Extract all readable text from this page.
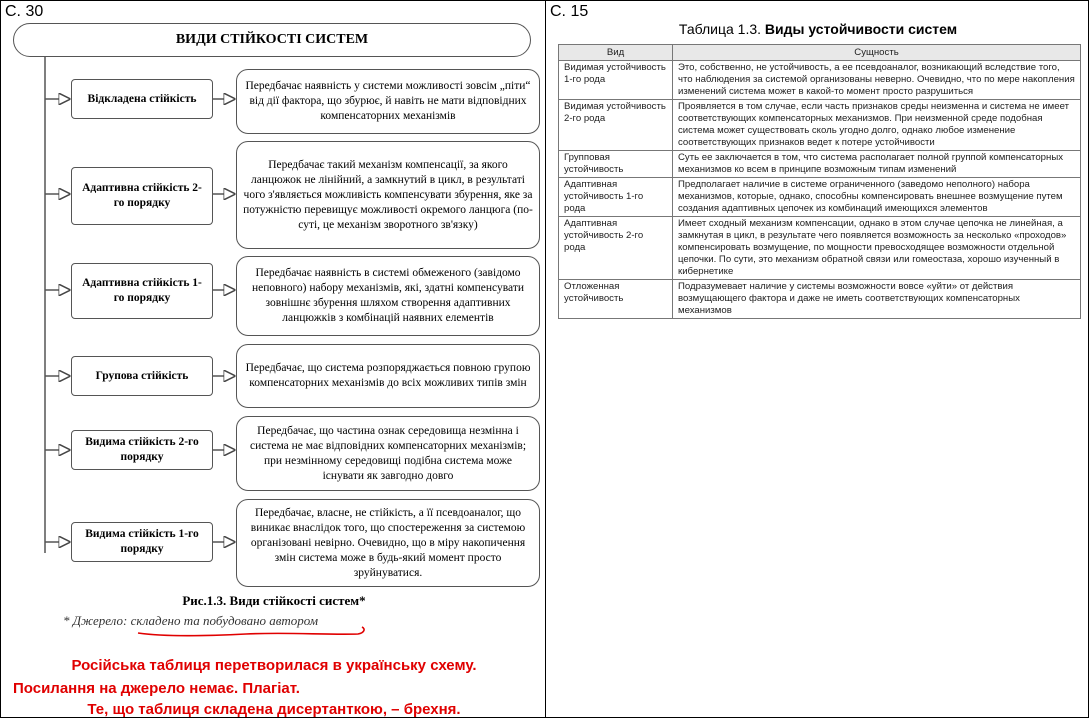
С. 30
ВИДИ СТІЙКОСТІ СИСТЕМ
Відкладена стійкість
Передбачає наявність у системи можливості зовсім „піти“ від дії фактора, що збурює, й навіть не мати відповідних компенсаторних механізмів
Адаптивна стійкість 2-го порядку
Передбачає такий механізм компенсації, за якого ланцюжок не лінійний, а замкнутий в цикл, в результаті чого з'являється можливість компенсувати збурення, яке за потужністю перевищує можливості окремого ланцюга (по-суті, це механізм зворотного зв'язку)
Адаптивна стійкість 1-го порядку
Передбачає наявність в системі обмеженого (завідомо неповного) набору механізмів, які, здатні компенсувати зовнішнє збурення шляхом створення адаптивних ланцюжків з комбінацій наявних елементів
Групова стійкість
Передбачає, що система розпоряджається повною групою компенсаторних механізмів до всіх можливих типів змін
Видима стійкість 2-го порядку
Передбачає, що частина ознак середовища незмінна і система не має відповідних компенсаторних механізмів; при незмінному середовищі подібна система може існувати як завгодно довго
Видима стійкість 1-го порядку
Передбачає, власне, не стійкість, а її псевдоаналог, що виникає внаслідок того, що спостереження за системою організовані невірно. Очевидно, що в міру накопичення змін система може в будь-який момент просто зруйнуватися.
Рис.1.3. Види стійкості систем*
* Джерело: складено та побудовано автором
Російська таблиця перетворилася в українську схему.
Посилання на джерело немає. Плагіат.
Те, що таблиця складена дисертанткою, – брехня.
С. 15
Таблица 1.3. Виды устойчивости систем
Вид	Сущность
Видимая устойчивость 1-го рода	Это, собственно, не устойчивость, а ее псевдоаналог, возникающий вследствие того, что наблюдения за системой организованы неверно. Очевидно, что по мере накопления изменений система может в какой-то момент просто разрушиться
Видимая устойчивость 2-го рода	Проявляется в том случае, если часть признаков среды неизменна и система не имеет соответствующих компенсаторных механизмов. При неизменной среде подобная система может существовать сколь угодно долго, однако любое изменение соответствующих признаков ведет к потере устойчивости
Групповая устойчивость	Суть ее заключается в том, что система располагает полной группой компенсаторных механизмов ко всем в принципе возможным типам изменений
Адаптивная устойчивость 1-го рода	Предполагает наличие в системе ограниченного (заведомо неполного) набора механизмов, которые, однако, способны компенсировать внешнее возмущение путем создания адаптивных цепочек из комбинаций имеющихся элементов
Адаптивная устойчивость 2-го рода	Имеет сходный механизм компенсации, однако в этом случае цепочка не линейная, а замкнутая в цикл, в результате чего появляется возможность за несколько «проходов» компенсировать возмущение, по мощности превосходящее возможности отдельной цепочки. По сути, это механизм обратной связи или гомеостаза, хорошо изученный в кибернетике
Отложенная устойчивость	Подразумевает наличие у системы возможности вовсе «уйти» от действия возмущающего фактора и даже не иметь соответствующих компенсаторных механизмов
